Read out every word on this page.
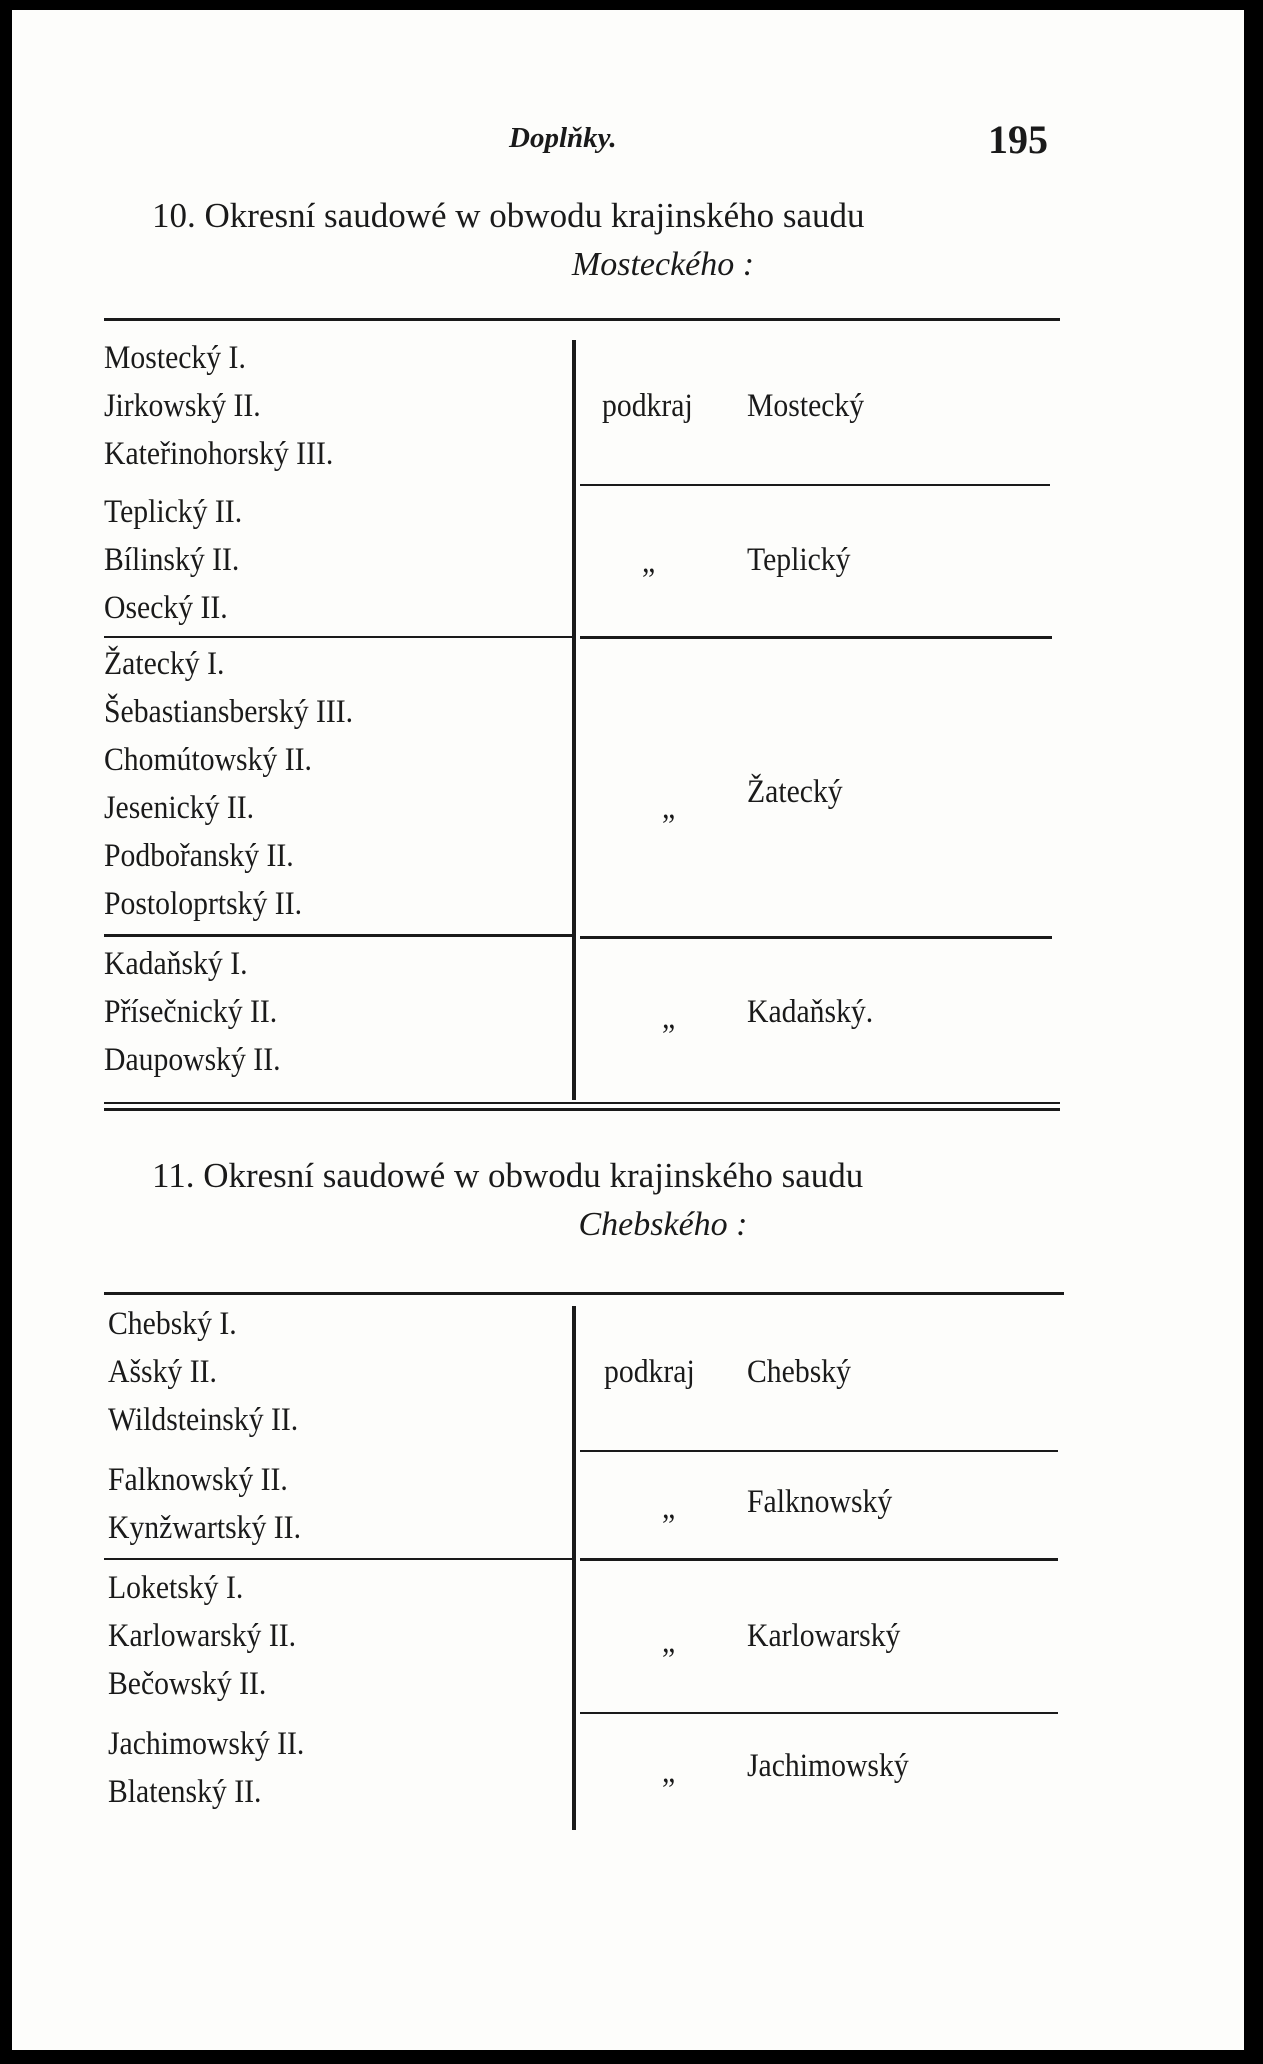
Doplňky.	195
10. Okresní saudowé w obwodu krajinského saudu
Mosteckého :
Mostecký I.
Jirkowský II.
Kateřinohorský III.
podkraj Mostecký
Teplický II.
Bílinský II.
Osecký II.
„	Teplický
Žatecký I.
Šebastiansberský III.
Chomútowský II.
Jesenický II.
Podbořanský II.
Postoloprtský II.
„ Žatecký
Kadaňský I.
Přísečnický II.
Daupowský II.
„ Kadaňský.
11. Okresní saudowé w obwodu krajinského saudu
Chebského :
Chebský I.
Ašský II.
Wildsteinský II.
podkraj Chebský
Falknowský II.
Kynžwartský II.
„ Falknowský
Loketský I.
Karlowarský II.
Bečowský II.
„ Karlowarský
Jachimowský II.
Blatenský II.
„ Jachimowský
